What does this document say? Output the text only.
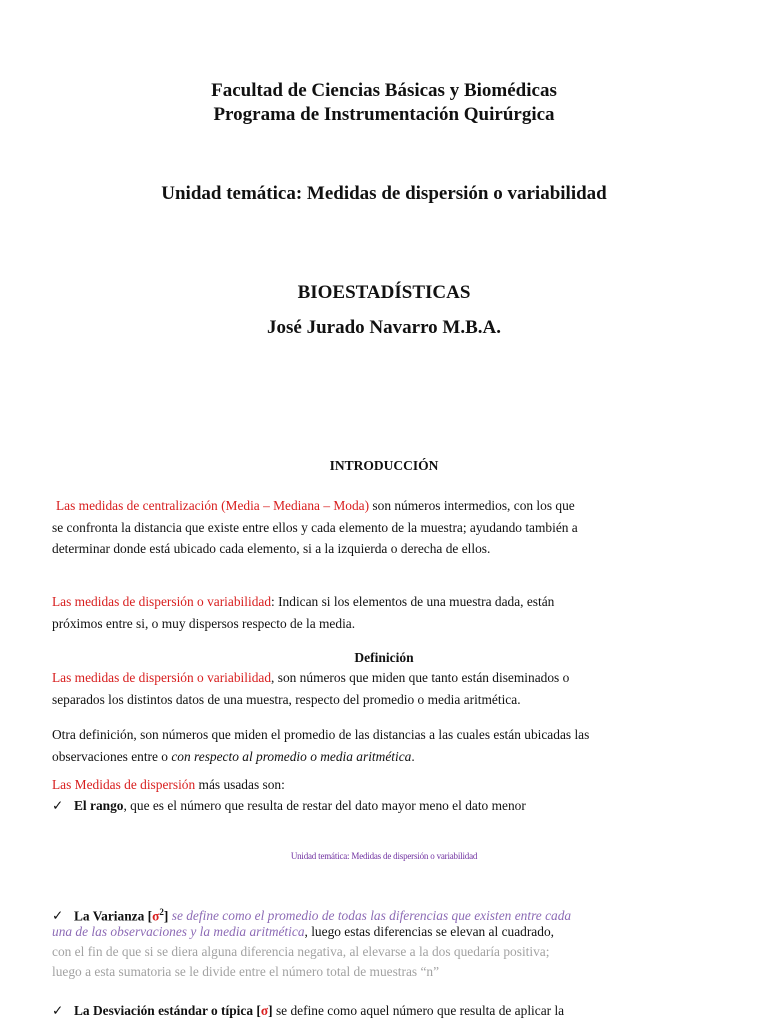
Facultad de Ciencias Básicas y Biomédicas
Programa de Instrumentación Quirúrgica
Unidad temática: Medidas de dispersión o variabilidad
BIOESTADÍSTICAS
José Jurado Navarro M.B.A.
INTRODUCCIÓN
Las medidas de centralización (Media – Mediana – Moda) son números intermedios, con los que
se confronta la distancia que existe entre ellos y cada elemento de la muestra; ayudando también a
determinar donde está ubicado cada elemento, si a la izquierda o derecha de ellos.
Las medidas de dispersión o variabilidad: Indican si los elementos de una muestra dada, están
próximos entre si, o muy dispersos respecto de la media.
Definición
Las medidas de dispersión o variabilidad, son números que miden que tanto están diseminados o
separados los distintos datos de una muestra, respecto del promedio o media aritmética.
Otra definición, son números que miden el promedio de las distancias a las cuales están ubicadas las
observaciones entre o con respecto al promedio o media aritmética.
Las Medidas de dispersión más usadas son:
✓ El rango, que es el número que resulta de restar del dato mayor meno el dato menor
Unidad temática: Medidas de dispersión o variabilidad
✓ La Varianza $[\sigma^2]$ se define como el promedio de todas las diferencias que existen entre cada
una de las observaciones y la media aritmética, luego estas diferencias se elevan al cuadrado,
con el fin de que si se diera alguna diferencia negativa, al elevarse a la dos quedaría positiva;
luego a esta sumatoria se le divide entre el número total de muestras “n”
✓ La Desviación estándar o típica [σ] se define como aquel número que resulta de aplicar la
